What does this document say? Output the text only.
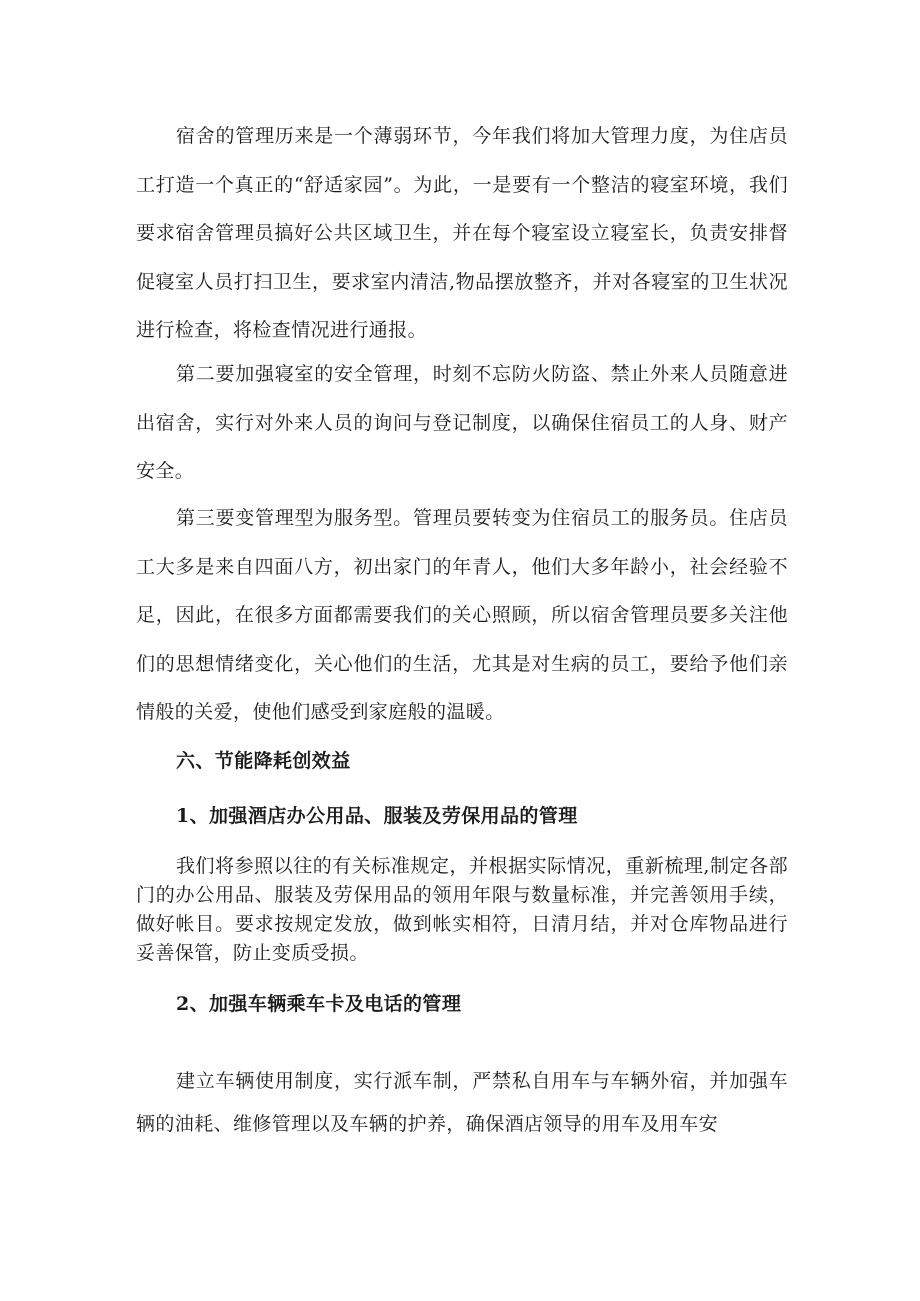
宿舍的管理历来是一个薄弱环节，今年我们将加大管理力度，为住店员工打造一个真正的“舒适家园”。为此，一是要有一个整洁的寝室环境，我们要求宿舍管理员搞好公共区域卫生，并在每个寝室设立寝室长，负责安排督促寝室人员打扫卫生，要求室内清洁,物品摆放整齐，并对各寝室的卫生状况进行检查，将检查情况进行通报。

第二要加强寝室的安全管理，时刻不忘防火防盗、禁止外来人员随意进出宿舍，实行对外来人员的询问与登记制度，以确保住宿员工的人身、财产安全。

第三要变管理型为服务型。管理员要转变为住宿员工的服务员。住店员工大多是来自四面八方，初出家门的年青人，他们大多年龄小，社会经验不足，因此，在很多方面都需要我们的关心照顾，所以宿舍管理员要多关注他们的思想情绪变化，关心他们的生活，尤其是对生病的员工，要给予他们亲情般的关爱，使他们感受到家庭般的温暖。

六、节能降耗创效益
1、加强酒店办公用品、服装及劳保用品的管理

我们将参照以往的有关标准规定，并根据实际情况，重新梳理,制定各部门的办公用品、服装及劳保用品的领用年限与数量标准，并完善领用手续，做好帐目。要求按规定发放，做到帐实相符，日清月结，并对仓库物品进行妥善保管，防止变质受损。

2、加强车辆乘车卡及电话的管理

建立车辆使用制度，实行派车制，严禁私自用车与车辆外宿，并加强车辆的油耗、维修管理以及车辆的护养，确保酒店领导的用车及用车安
